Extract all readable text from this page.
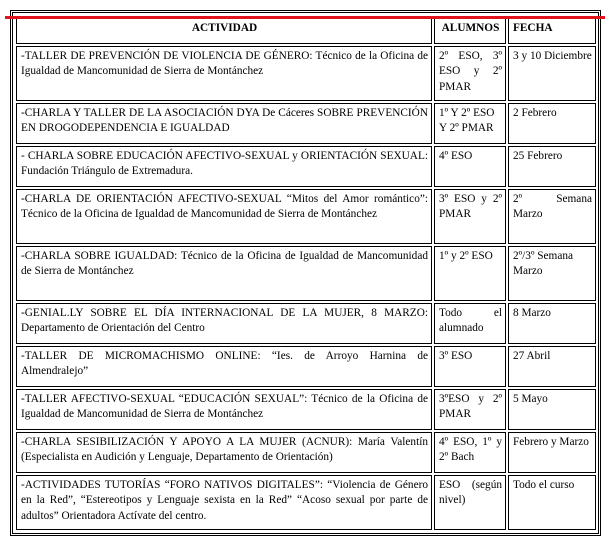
ACTIVIDAD	ALUMNOS	FECHA
-TALLER DE PREVENCIÓN DE VIOLENCIA DE GÉNERO: Técnico de la Oficina de Igualdad de Mancomunidad de Sierra de Montánchez	2º ESO, 3º ESO y 2º PMAR	3 y 10 Diciembre
-CHARLA Y TALLER DE LA ASOCIACIÓN DYA De Cáceres SOBRE PREVENCIÓN EN DROGODEPENDENCIA E IGUALDAD	1º Y 2º ESO Y 2º PMAR	2 Febrero
- CHARLA SOBRE EDUCACIÓN AFECTIVO-SEXUAL y ORIENTACIÓN SEXUAL: Fundación Triángulo de Extremadura.	4º ESO	25 Febrero
-CHARLA DE ORIENTACIÓN AFECTIVO-SEXUAL “Mitos del Amor romántico”: Técnico de la Oficina de Igualdad de Mancomunidad de Sierra de Montánchez	3º ESO y 2º PMAR	2º Semana Marzo
-CHARLA SOBRE IGUALDAD: Técnico de la Oficina de Igualdad de Mancomunidad de Sierra de Montánchez	1º y 2º ESO	2º/3º Semana Marzo
-GENIAL.LY SOBRE EL DÍA INTERNACIONAL DE LA MUJER, 8 MARZO: Departamento de Orientación del Centro	Todo el alumnado	8 Marzo
-TALLER DE MICROMACHISMO ONLINE: “Ies. de Arroyo Harnina de Almendralejo”	3º ESO	27 Abril
-TALLER AFECTIVO-SEXUAL “EDUCACIÓN SEXUAL”: Técnico de la Oficina de Igualdad de Mancomunidad de Sierra de Montánchez	3ºESO y 2º PMAR	5 Mayo
-CHARLA SESIBILIZACIÓN Y APOYO A LA MUJER (ACNUR): María Valentín (Especialista en Audición y Lenguaje, Departamento de Orientación)	4º ESO, 1º y 2º Bach	Febrero y Marzo
-ACTIVIDADES TUTORÍAS “FORO NATIVOS DIGITALES”: “Violencia de Género en la Red”, “Estereotipos y Lenguaje sexista en la Red” “Acoso sexual por parte de adultos” Orientadora Actívate del centro.	ESO (según nivel)	Todo el curso
